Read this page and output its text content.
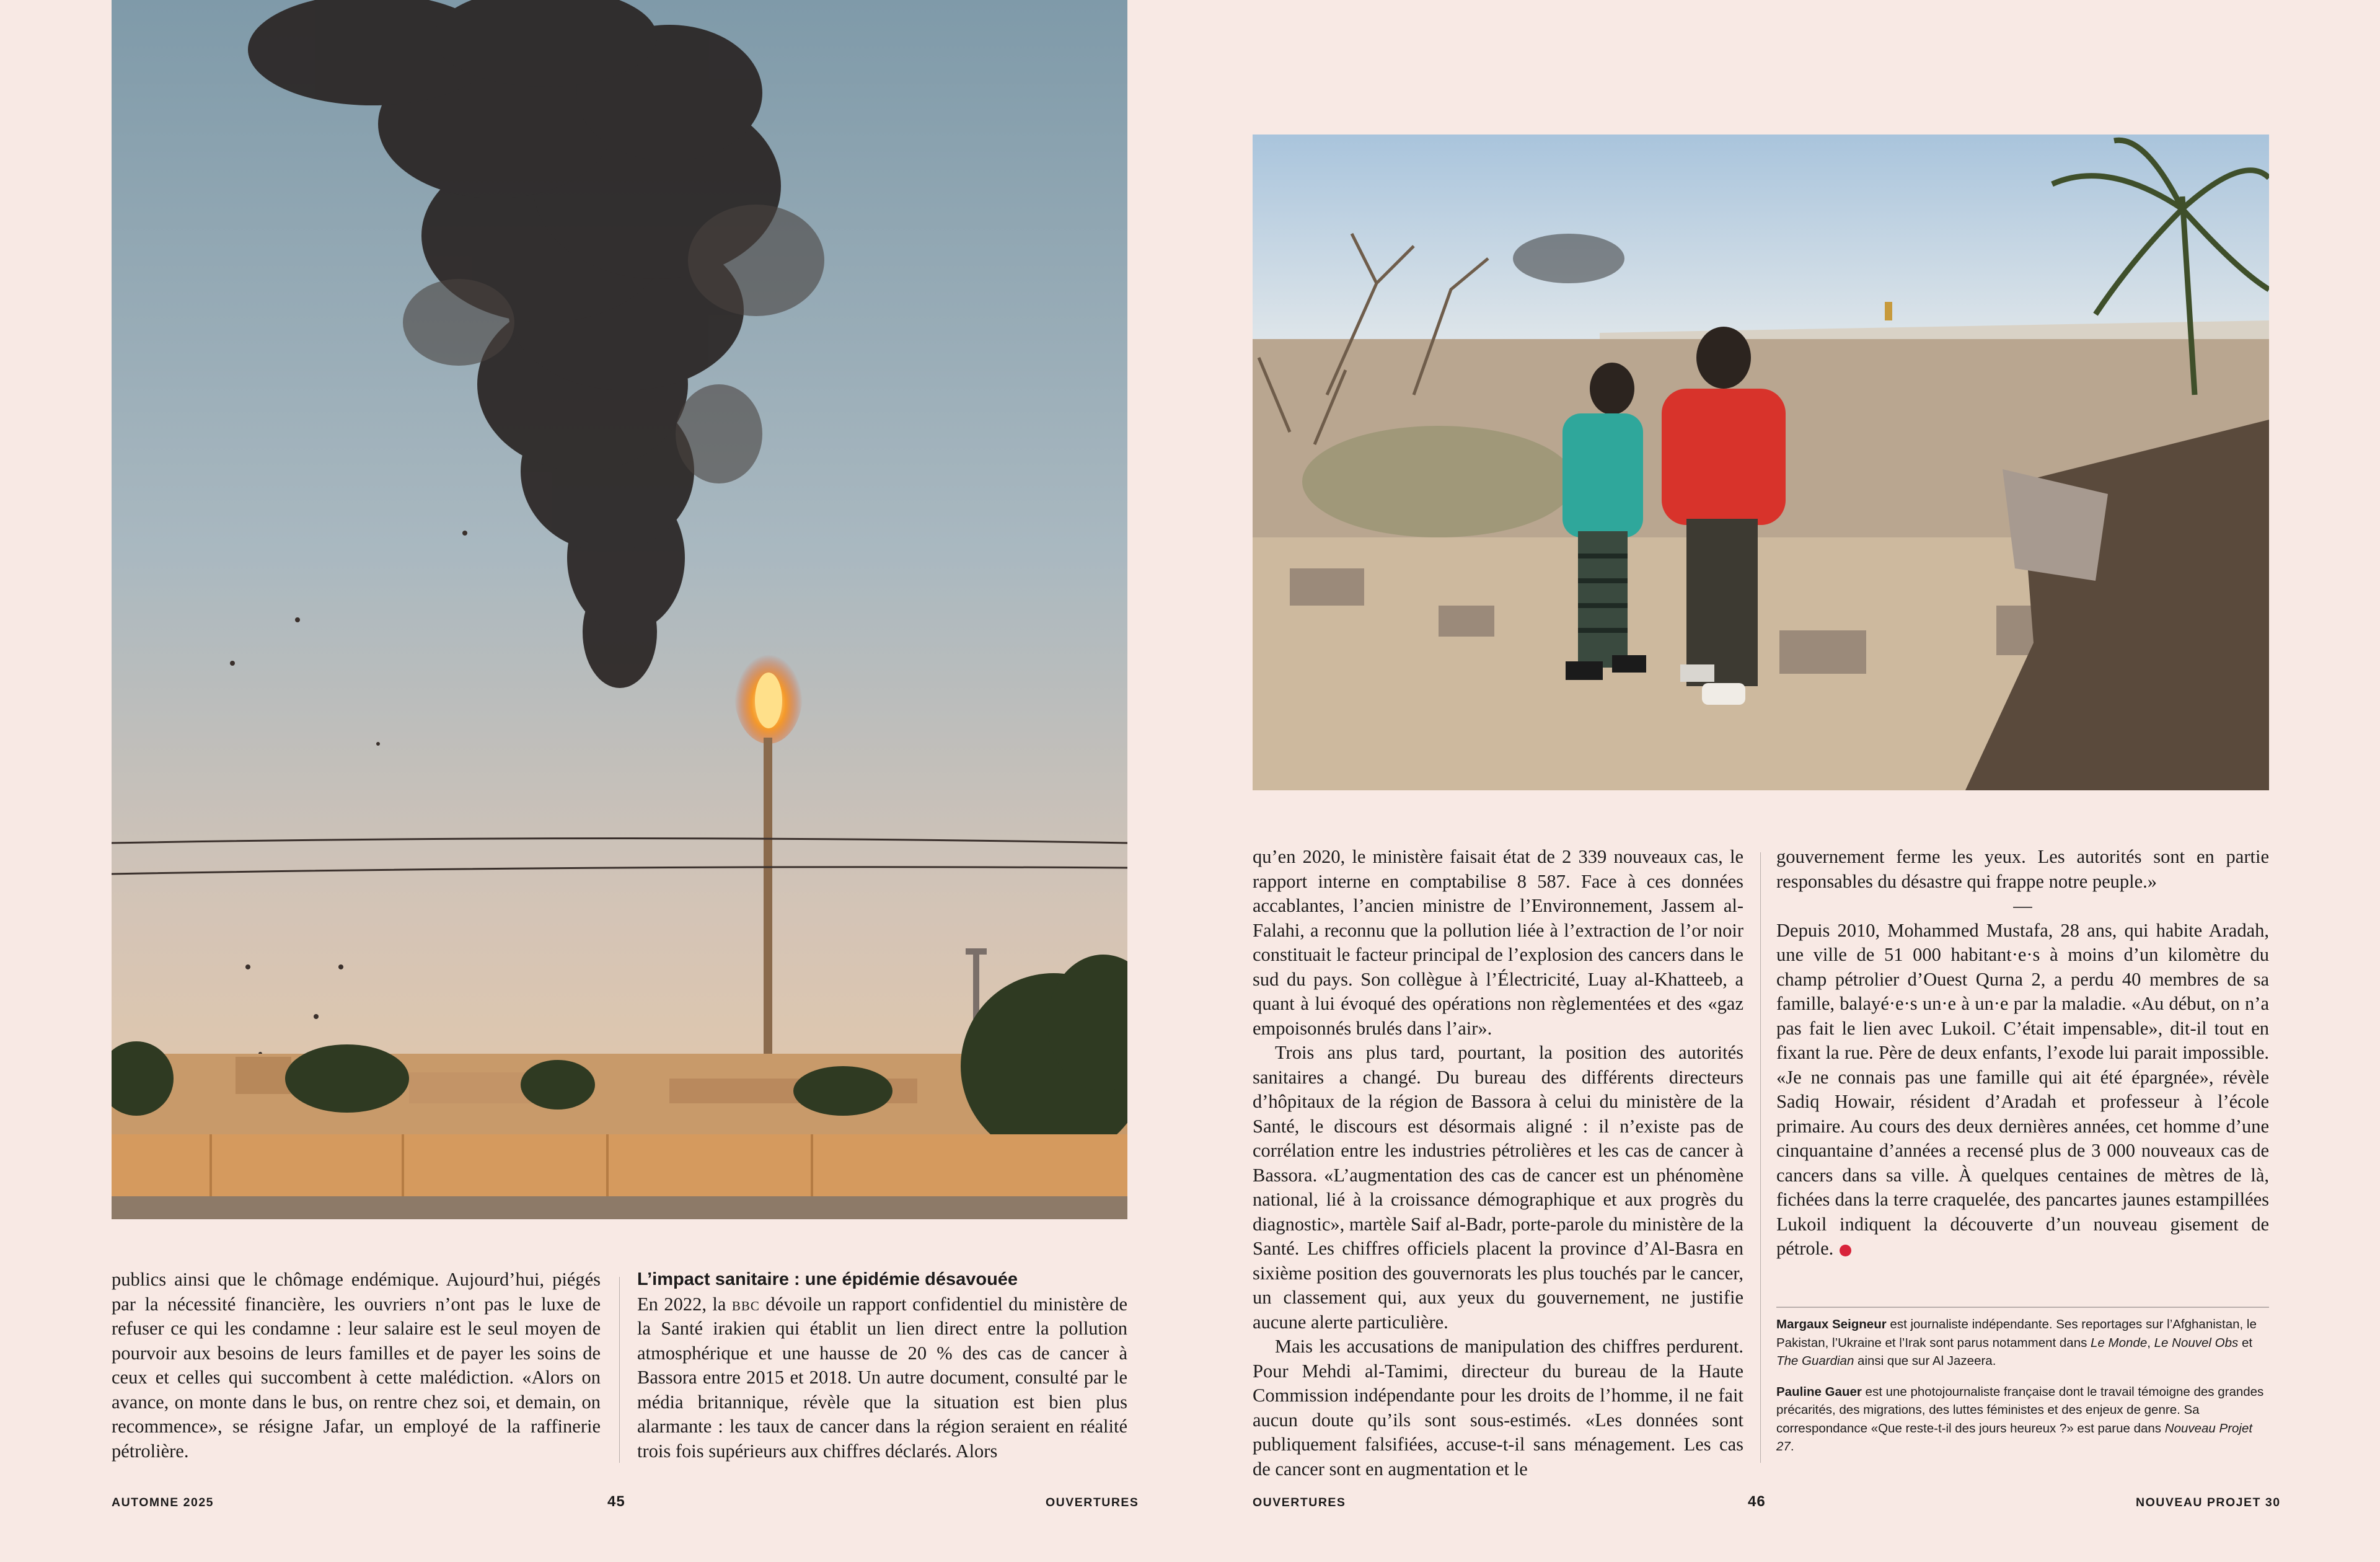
publics ainsi que le chômage endémique. Aujourd’hui, piégés par la nécessité financière, les ouvriers n’ont pas le luxe de refuser ce qui les condamne : leur salaire est le seul moyen de pourvoir aux besoins de leurs familles et de payer les soins de ceux et celles qui succombent à cette malédiction. «Alors on avance, on monte dans le bus, on rentre chez soi, et demain, on recommence», se résigne Jafar, un employé de la raffinerie pétrolière.

L’impact sanitaire : une épidémie désavouée

En 2022, la bbc dévoile un rapport confidentiel du ministère de la Santé irakien qui établit un lien direct entre la pollution atmosphérique et une hausse de 20 % des cas de cancer à Bassora entre 2015 et 2018. Un autre document, consulté par le média britannique, révèle que la situation est bien plus alarmante : les taux de cancer dans la région seraient en réalité trois fois supérieurs aux chiffres déclarés. Alors

qu’en 2020, le ministère faisait état de 2 339 nouveaux cas, le rapport interne en comptabilise 8 587. Face à ces données accablantes, l’ancien ministre de l’Environnement, Jassem al-Falahi, a reconnu que la pollution liée à l’extraction de l’or noir constituait le facteur principal de l’explosion des cancers dans le sud du pays. Son collègue à l’Électricité, Luay al-Khatteeb, a quant à lui évoqué des opérations non règlementées et des «gaz empoisonnés brulés dans l’air».

Trois ans plus tard, pourtant, la position des autorités sanitaires a changé. Du bureau des différents directeurs d’hôpitaux de la région de Bassora à celui du ministère de la Santé, le discours est désormais aligné : il n’existe pas de corrélation entre les industries pétrolières et les cas de cancer à Bassora. «L’augmentation des cas de cancer est un phénomène national, lié à la croissance démographique et aux progrès du diagnostic», martèle Saif al-Badr, porte-parole du ministère de la Santé. Les chiffres officiels placent la province d’Al-Basra en sixième position des gouvernorats les plus touchés par le cancer, un classement qui, aux yeux du gouvernement, ne justifie aucune alerte particulière.

Mais les accusations de manipulation des chiffres perdurent. Pour Mehdi al-Tamimi, directeur du bureau de la Haute Commission indépendante pour les droits de l’homme, il ne fait aucun doute qu’ils sont sous-estimés. «Les données sont publiquement falsifiées, accuse-t-il sans ménagement. Les cas de cancer sont en augmentation et le

gouvernement ferme les yeux. Les autorités sont en partie responsables du désastre qui frappe notre peuple.»

—

Depuis 2010, Mohammed Mustafa, 28 ans, qui habite Aradah, une ville de 51 000 habitant·e·s à moins d’un kilomètre du champ pétrolier d’Ouest Qurna 2, a perdu 40 membres de sa famille, balayé·e·s un·e à un·e par la maladie. «Au début, on n’a pas fait le lien avec Lukoil. C’était impensable», dit-il tout en fixant la rue. Père de deux enfants, l’exode lui parait impossible. «Je ne connais pas une famille qui ait été épargnée», révèle Sadiq Howair, résident d’Aradah et professeur à l’école primaire. Au cours des deux dernières années, cet homme d’une cinquantaine d’années a recensé plus de 3 000 nouveaux cas de cancers dans sa ville. À quelques centaines de mètres de là, fichées dans la terre craquelée, des pancartes jaunes estampillées Lukoil indiquent la découverte d’un nouveau gisement de pétrole.

Margaux Seigneur est journaliste indépendante. Ses reportages sur l’Afghanistan, le Pakistan, l’Ukraine et l’Irak sont parus notamment dans Le Monde, Le Nouvel Obs et The Guardian ainsi que sur Al Jazeera.

Pauline Gauer est une photojournaliste française dont le travail témoigne des grandes précarités, des migrations, des luttes féministes et des enjeux de genre. Sa correspondance «Que reste-t-il des jours heureux ?» est parue dans Nouveau Projet 27.

AUTOMNE 2025	45	OUVERTURES	OUVERTURES	46	NOUVEAU PROJET 30
